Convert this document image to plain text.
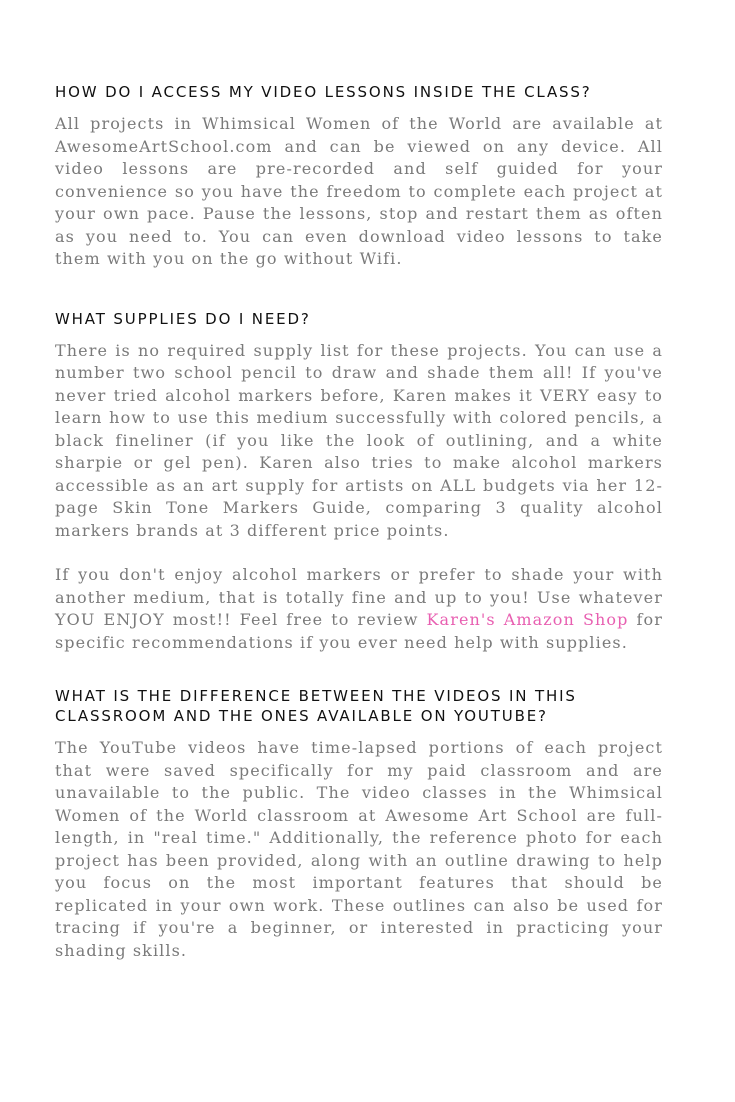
HOW DO I ACCESS MY VIDEO LESSONS INSIDE THE CLASS?

All projects in Whimsical Women of the World are available at AwesomeArtSchool.com and can be viewed on any device. All video lessons are pre-recorded and self guided for your convenience so you have the freedom to complete each project at your own pace. Pause the lessons, stop and restart them as often as you need to. You can even download video lessons to take them with you on the go without Wifi.

WHAT SUPPLIES DO I NEED?

There is no required supply list for these projects. You can use a number two school pencil to draw and shade them all! If you've never tried alcohol markers before, Karen makes it VERY easy to learn how to use this medium successfully with colored pencils, a black fineliner (if you like the look of outlining, and a white sharpie or gel pen). Karen also tries to make alcohol markers accessible as an art supply for artists on ALL budgets via her 12-page Skin Tone Markers Guide, comparing 3 quality alcohol markers brands at 3 different price points.

If you don't enjoy alcohol markers or prefer to shade your with another medium, that is totally fine and up to you! Use whatever YOU ENJOY most!! Feel free to review Karen's Amazon Shop for specific recommendations if you ever need help with supplies.

WHAT IS THE DIFFERENCE BETWEEN THE VIDEOS IN THIS CLASSROOM AND THE ONES AVAILABLE ON YOUTUBE?

The YouTube videos have time-lapsed portions of each project that were saved specifically for my paid classroom and are unavailable to the public. The video classes in the Whimsical Women of the World classroom at Awesome Art School are full-length, in "real time." Additionally, the reference photo for each project has been provided, along with an outline drawing to help you focus on the most important features that should be replicated in your own work. These outlines can also be used for tracing if you're a beginner, or interested in practicing your shading skills.
